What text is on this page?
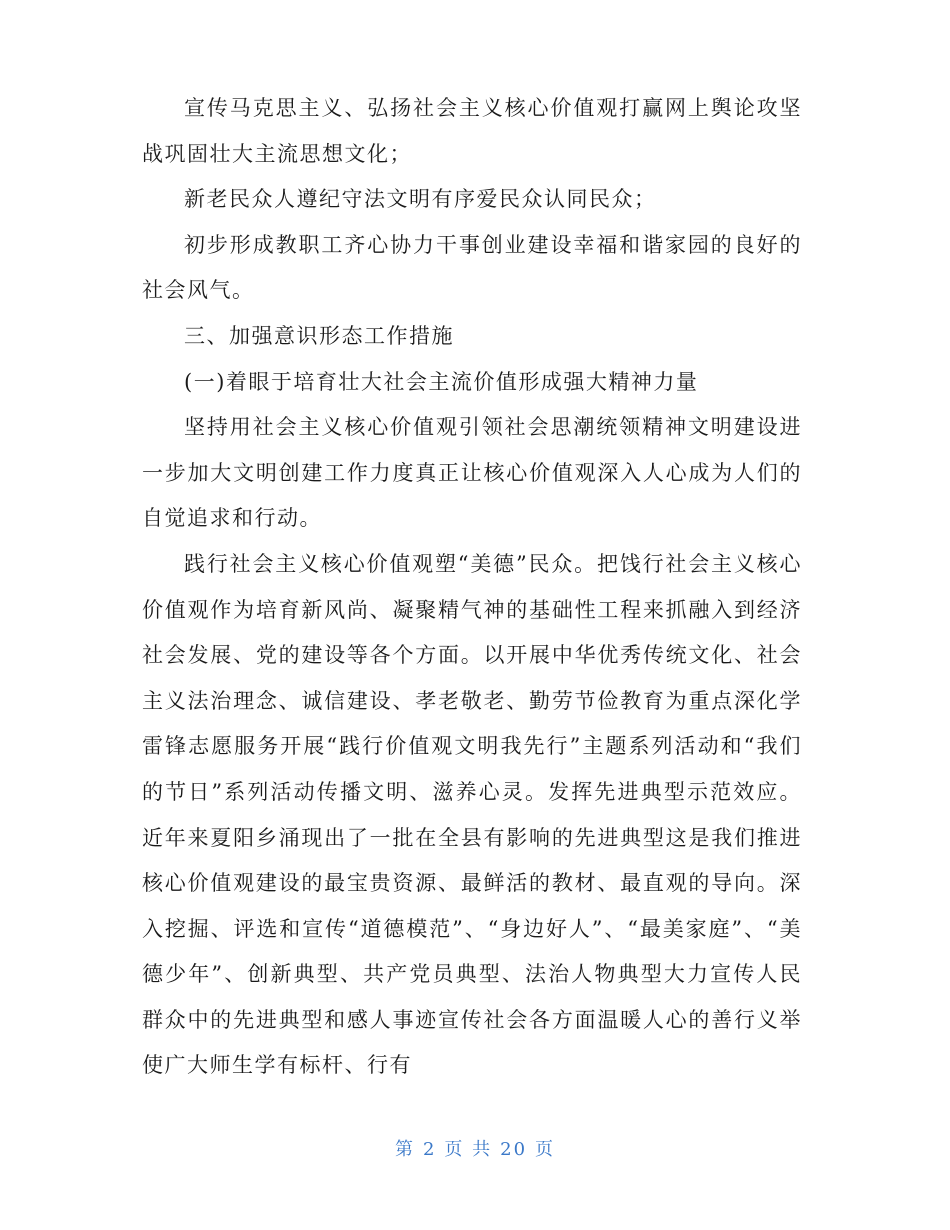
宣传马克思主义、弘扬社会主义核心价值观打赢网上舆论攻坚战巩固壮大主流思想文化；

新老民众人遵纪守法文明有序爱民众认同民众；

初步形成教职工齐心协力干事创业建设幸福和谐家园的良好的社会风气。

三、加强意识形态工作措施

(一)着眼于培育壮大社会主流价值形成强大精神力量

坚持用社会主义核心价值观引领社会思潮统领精神文明建设进一步加大文明创建工作力度真正让核心价值观深入人心成为人们的自觉追求和行动。

践行社会主义核心价值观塑“美德”民众。把饯行社会主义核心价值观作为培育新风尚、凝聚精气神的基础性工程来抓融入到经济社会发展、党的建设等各个方面。以开展中华优秀传统文化、社会主义法治理念、诚信建设、孝老敬老、勤劳节俭教育为重点深化学雷锋志愿服务开展“践行价值观文明我先行”主题系列活动和“我们的节日”系列活动传播文明、滋养心灵。发挥先进典型示范效应。近年来夏阳乡涌现出了一批在全县有影响的先进典型这是我们推进核心价值观建设的最宝贵资源、最鲜活的教材、最直观的导向。深入挖掘、评选和宣传“道德模范”、“身边好人”、“最美家庭”、“美德少年”、创新典型、共产党员典型、法治人物典型大力宣传人民群众中的先进典型和感人事迹宣传社会各方面温暖人心的善行义举使广大师生学有标杆、行有

第 2 页 共 20 页
